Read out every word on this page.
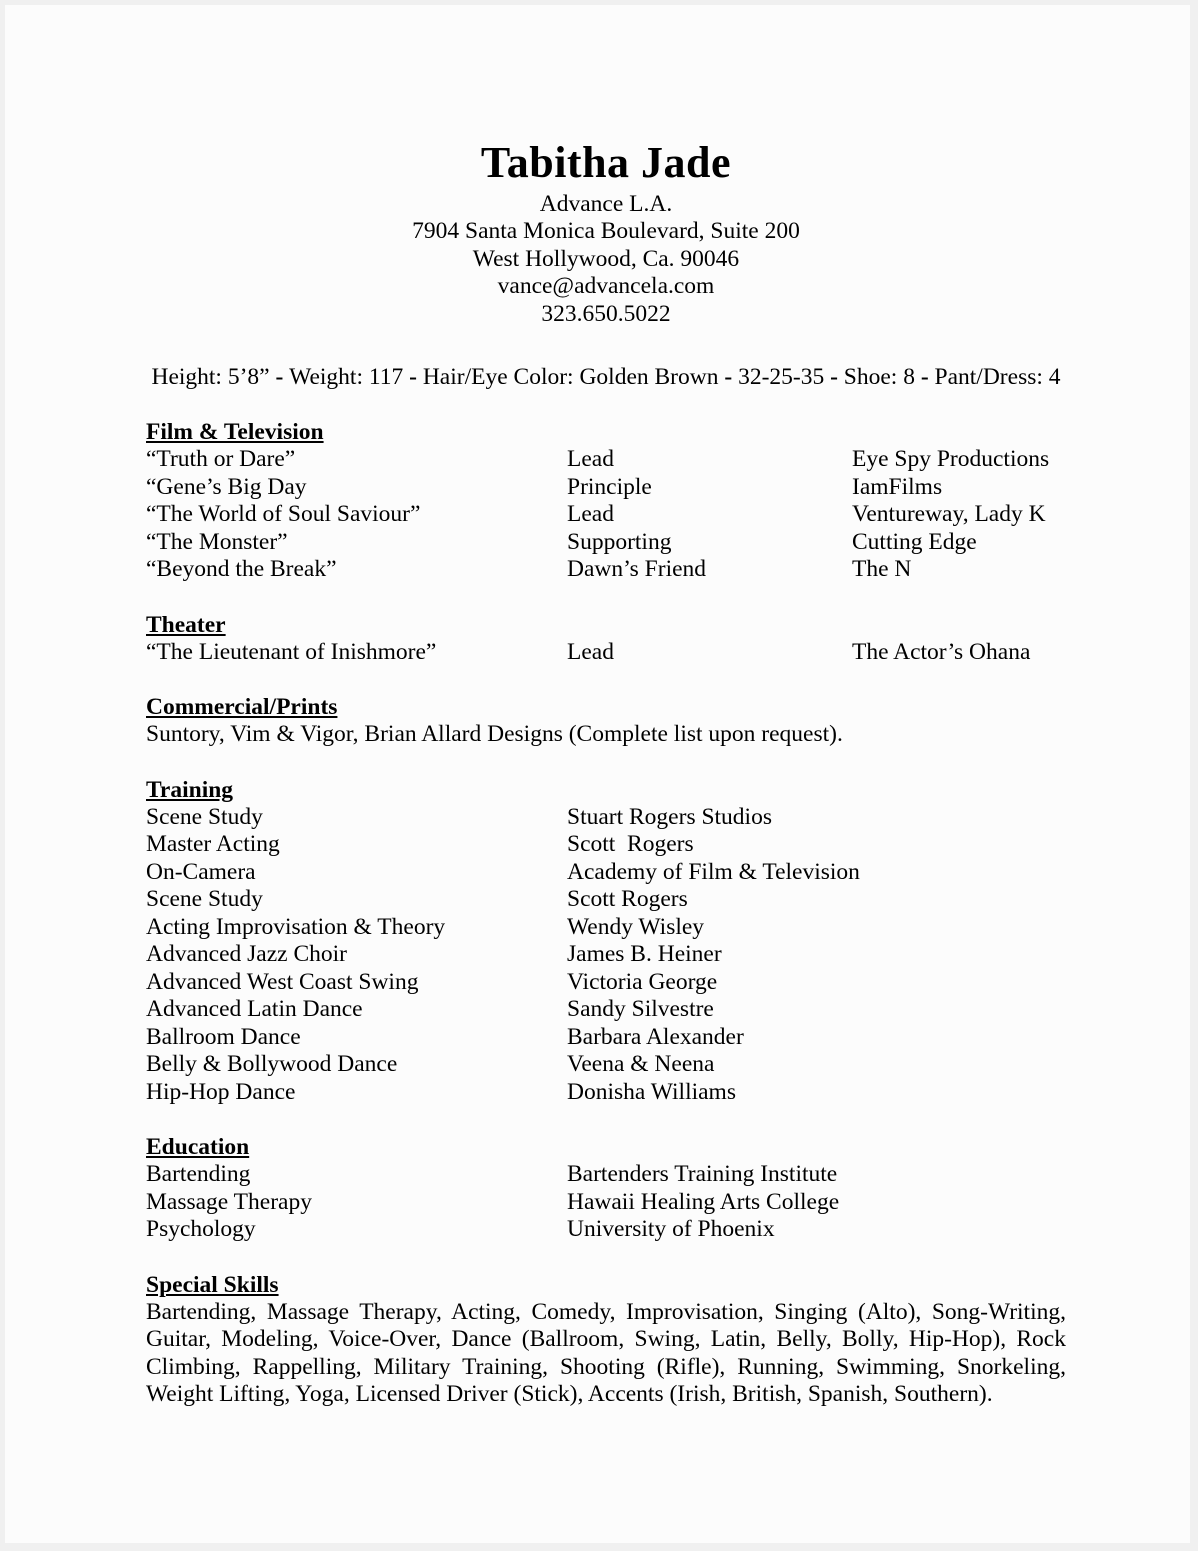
Tabitha Jade
Advance L.A.
7904 Santa Monica Boulevard, Suite 200
West Hollywood, Ca. 90046
vance@advancela.com
323.650.5022
Height: 5’8” - Weight: 117 - Hair/Eye Color: Golden Brown - 32-25-35 - Shoe: 8 - Pant/Dress: 4
Film & Television
“Truth or Dare”	Lead	Eye Spy Productions
“Gene’s Big Day	Principle	IamFilms
“The World of Soul Saviour”	Lead	Ventureway, Lady K
“The Monster”	Supporting	Cutting Edge
“Beyond the Break”	Dawn’s Friend	The N
Theater
“The Lieutenant of Inishmore”	Lead	The Actor’s Ohana
Commercial/Prints
Suntory, Vim & Vigor, Brian Allard Designs (Complete list upon request).
Training
Scene Study	Stuart Rogers Studios
Master Acting	Scott  Rogers
On-Camera	Academy of Film & Television
Scene Study	Scott Rogers
Acting Improvisation & Theory	Wendy Wisley
Advanced Jazz Choir	James B. Heiner
Advanced West Coast Swing	Victoria George
Advanced Latin Dance	Sandy Silvestre
Ballroom Dance	Barbara Alexander
Belly & Bollywood Dance	Veena & Neena
Hip-Hop Dance	Donisha Williams
Education
Bartending	Bartenders Training Institute
Massage Therapy	Hawaii Healing Arts College
Psychology	University of Phoenix
Special Skills
Bartending, Massage Therapy, Acting, Comedy, Improvisation, Singing (Alto), Song-Writing, Guitar, Modeling, Voice-Over, Dance (Ballroom, Swing, Latin, Belly, Bolly, Hip-Hop), Rock Climbing, Rappelling, Military Training, Shooting (Rifle), Running, Swimming, Snorkeling, Weight Lifting, Yoga, Licensed Driver (Stick), Accents (Irish, British, Spanish, Southern).
